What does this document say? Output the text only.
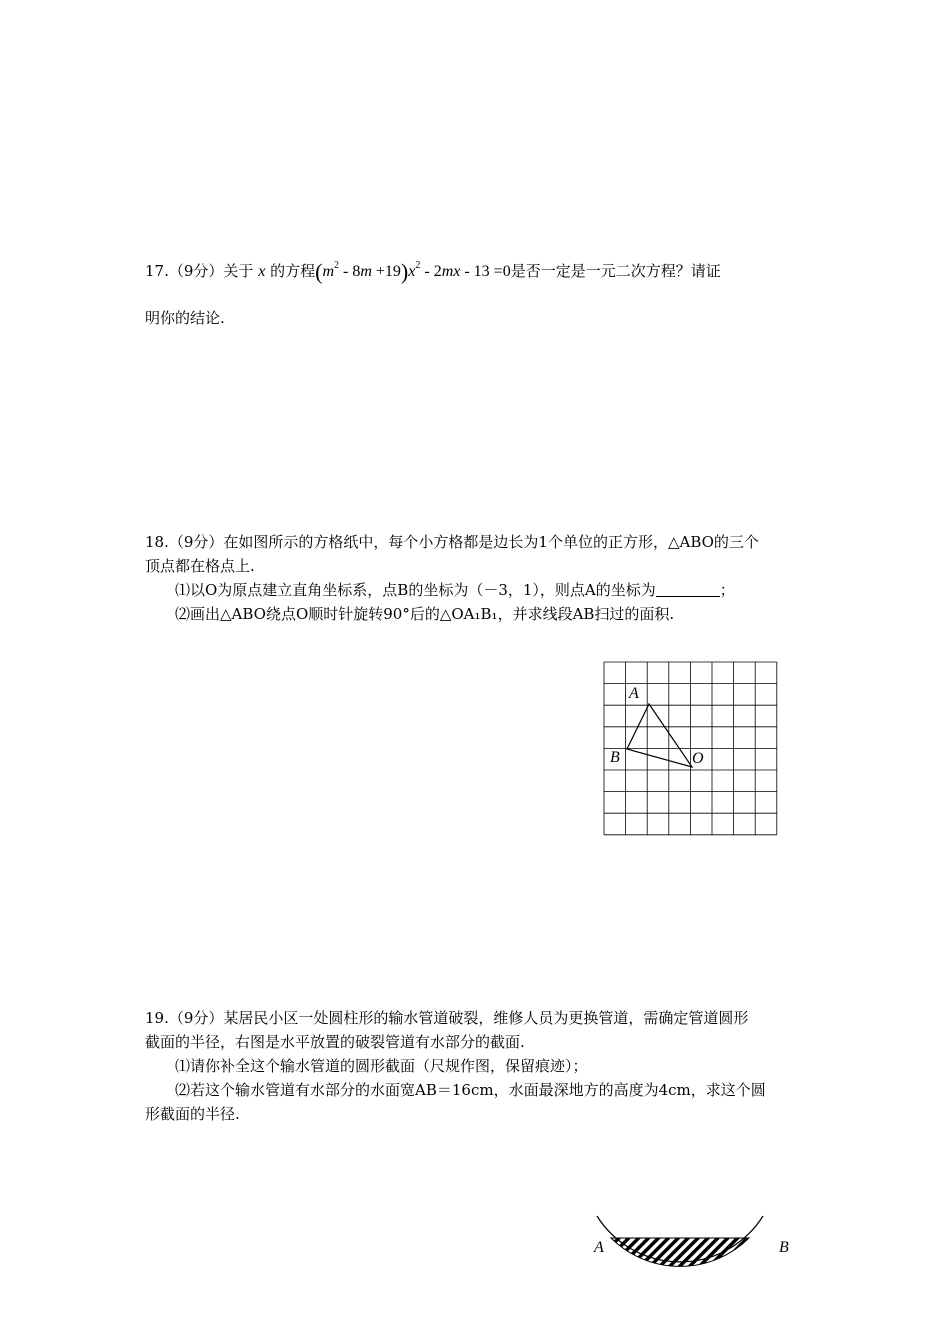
17.（9分）关于 x 的方程$(m^2 - 8m +19)x^2 - 2mx - 13 =0$是否一定是一元二次方程？请证
明你的结论.
18.（9分）在如图所示的方格纸中，每个小方格都是边长为1个单位的正方形，△ABO的三个
顶点都在格点上.
⑴以O为原点建立直角坐标系，点B的坐标为（－3，1），则点A的坐标为	；
⑵画出△ABO绕点O顺时针旋转90°后的△OA₁B₁，并求线段AB扫过的面积.
A
B	O
19.（9分）某居民小区一处圆柱形的输水管道破裂，维修人员为更换管道，需确定管道圆形
截面的半径，右图是水平放置的破裂管道有水部分的截面.
⑴请你补全这个输水管道的圆形截面（尺规作图，保留痕迹）；
⑵若这个输水管道有水部分的水面宽AB＝16cm，水面最深地方的高度为4cm，求这个圆
形截面的半径.
A	B
